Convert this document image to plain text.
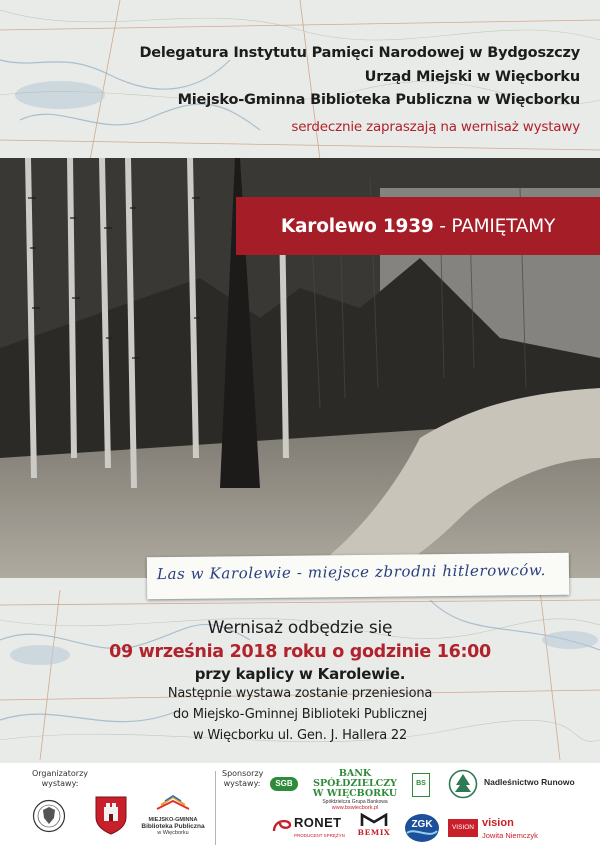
Delegatura Instytutu Pamięci Narodowej w Bydgoszczy
Urząd Miejski w Więcborku
Miejsko-Gminna Biblioteka Publiczna w Więcborku
serdecznie zapraszają na wernisaż wystawy
Karolewo 1939 - PAMIĘTAMY
Las w Karolewie - miejsce zbrodni hitlerowców.
Wernisaż odbędzie się
09 września 2018 roku o godzinie 16:00
przy kaplicy w Karolewie.
Następnie wystawa zostanie przeniesiona
do Miejsko-Gminnej Biblioteki Publicznej
w Więcborku ul. Gen. J. Hallera 22
Organizatorzy
wystawy:
MIEJSKO-GMINNA
Biblioteka Publiczna
w Więcborku
Sponsorzy
wystawy:	SGB
BANK SPÓŁDZIELCZY
W WIĘCBORKU
Spółdzielcza Grupa Bankowa
www.bswiecbork.pl
BS	Nadleśnictwo Runowo
RONET
PRODUCENT SPRĘŻYN BEMIX
ZGK	VISION vision
Jowita Niemczyk
